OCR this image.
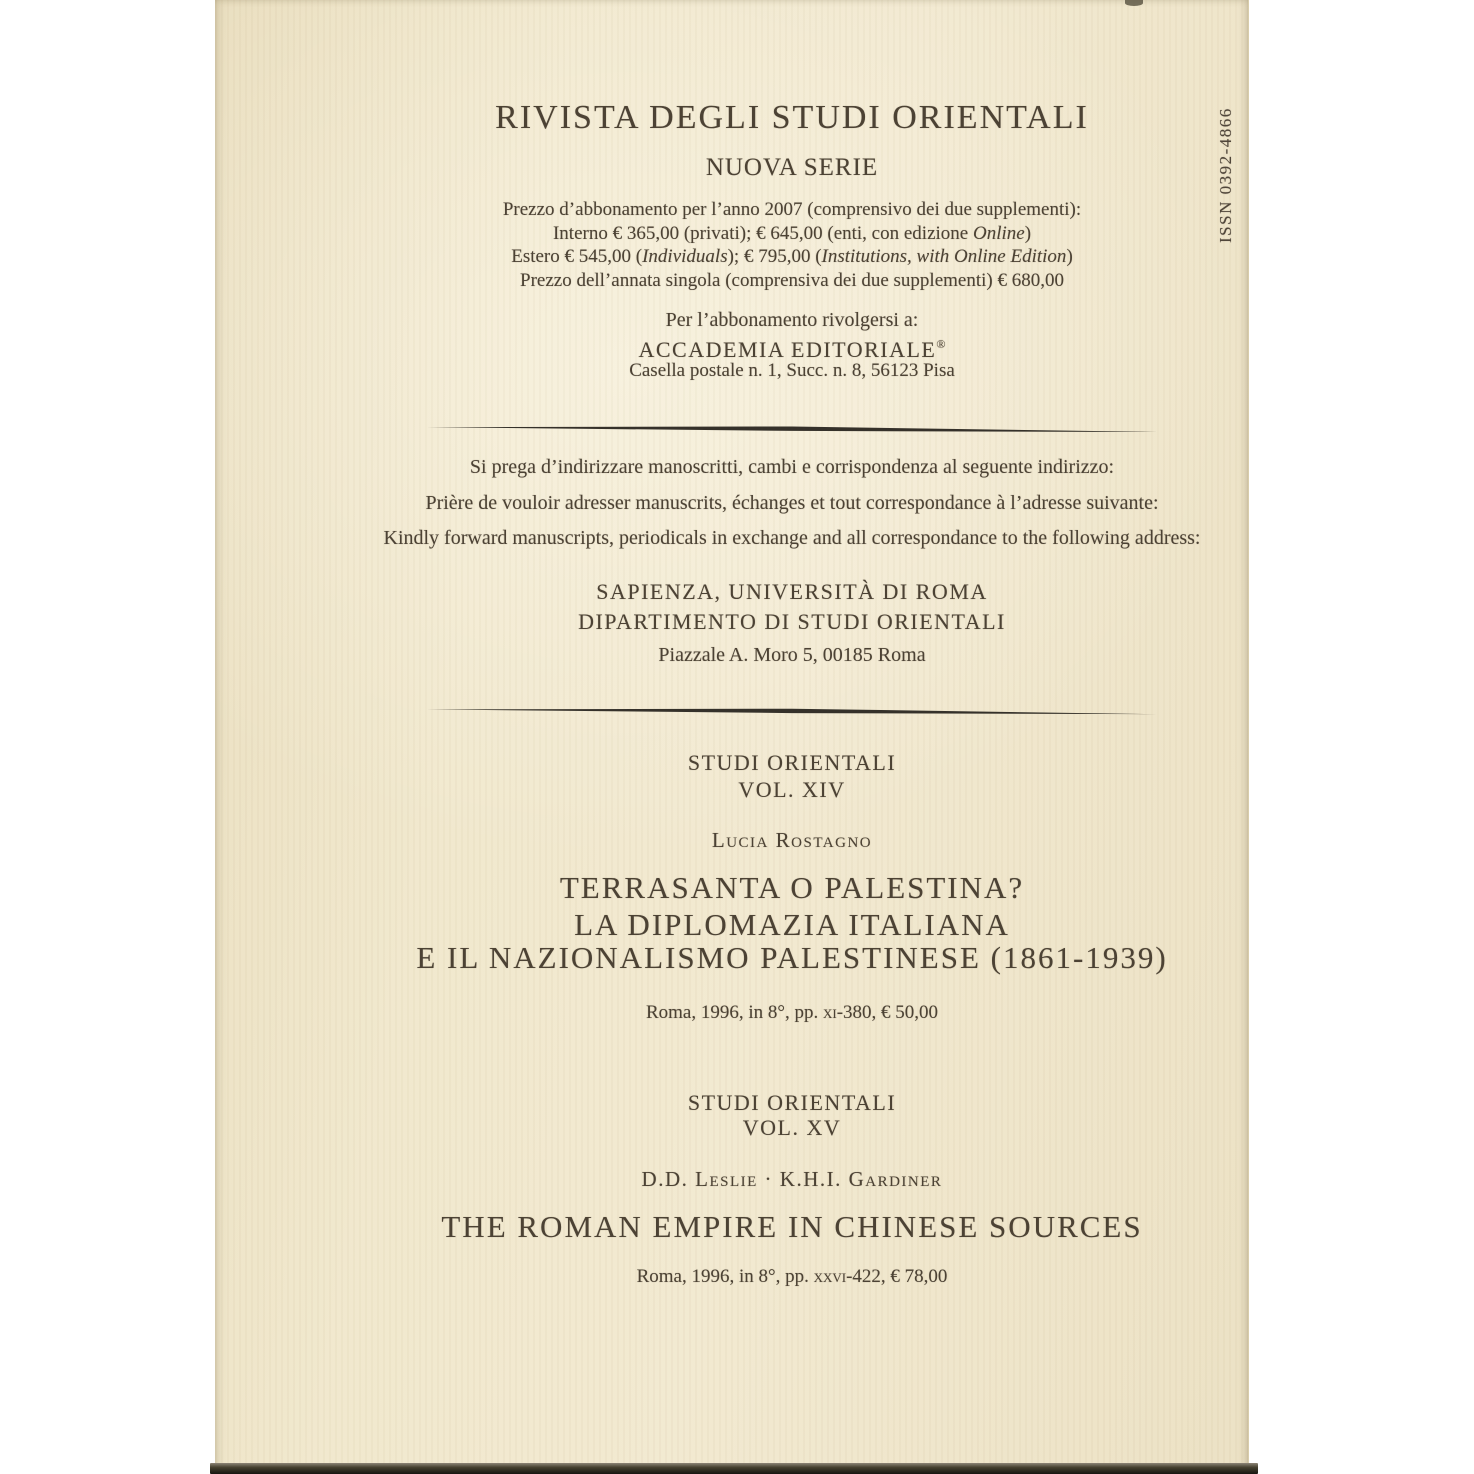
ISSN 0392-4866
RIVISTA DEGLI STUDI ORIENTALI
NUOVA SERIE
Prezzo d’abbonamento per l’anno 2007 (comprensivo dei due supplementi):
Interno € 365,00 (privati); € 645,00 (enti, con edizione Online)
Estero € 545,00 (Individuals); € 795,00 (Institutions, with Online Edition)
Prezzo dell’annata singola (comprensiva dei due supplementi) € 680,00
Per l’abbonamento rivolgersi a:
ACCADEMIA EDITORIALE®
Casella postale n. 1, Succ. n. 8, 56123 Pisa
Si prega d’indirizzare manoscritti, cambi e corrispondenza al seguente indirizzo:
Prière de vouloir adresser manuscrits, échanges et tout correspondance à l’adresse suivante:
Kindly forward manuscripts, periodicals in exchange and all correspondance to the following address:
SAPIENZA, UNIVERSITÀ DI ROMA
DIPARTIMENTO DI STUDI ORIENTALI
Piazzale A. Moro 5, 00185 Roma
STUDI ORIENTALI
VOL. XIV
Lucia Rostagno
TERRASANTA O PALESTINA?
LA DIPLOMAZIA ITALIANA
E IL NAZIONALISMO PALESTINESE (1861-1939)
Roma, 1996, in 8°, pp. xi-380, € 50,00
STUDI ORIENTALI
VOL. XV
D.D. Leslie · K.H.I. Gardiner
THE ROMAN EMPIRE IN CHINESE SOURCES
Roma, 1996, in 8°, pp. xxvi-422, € 78,00
